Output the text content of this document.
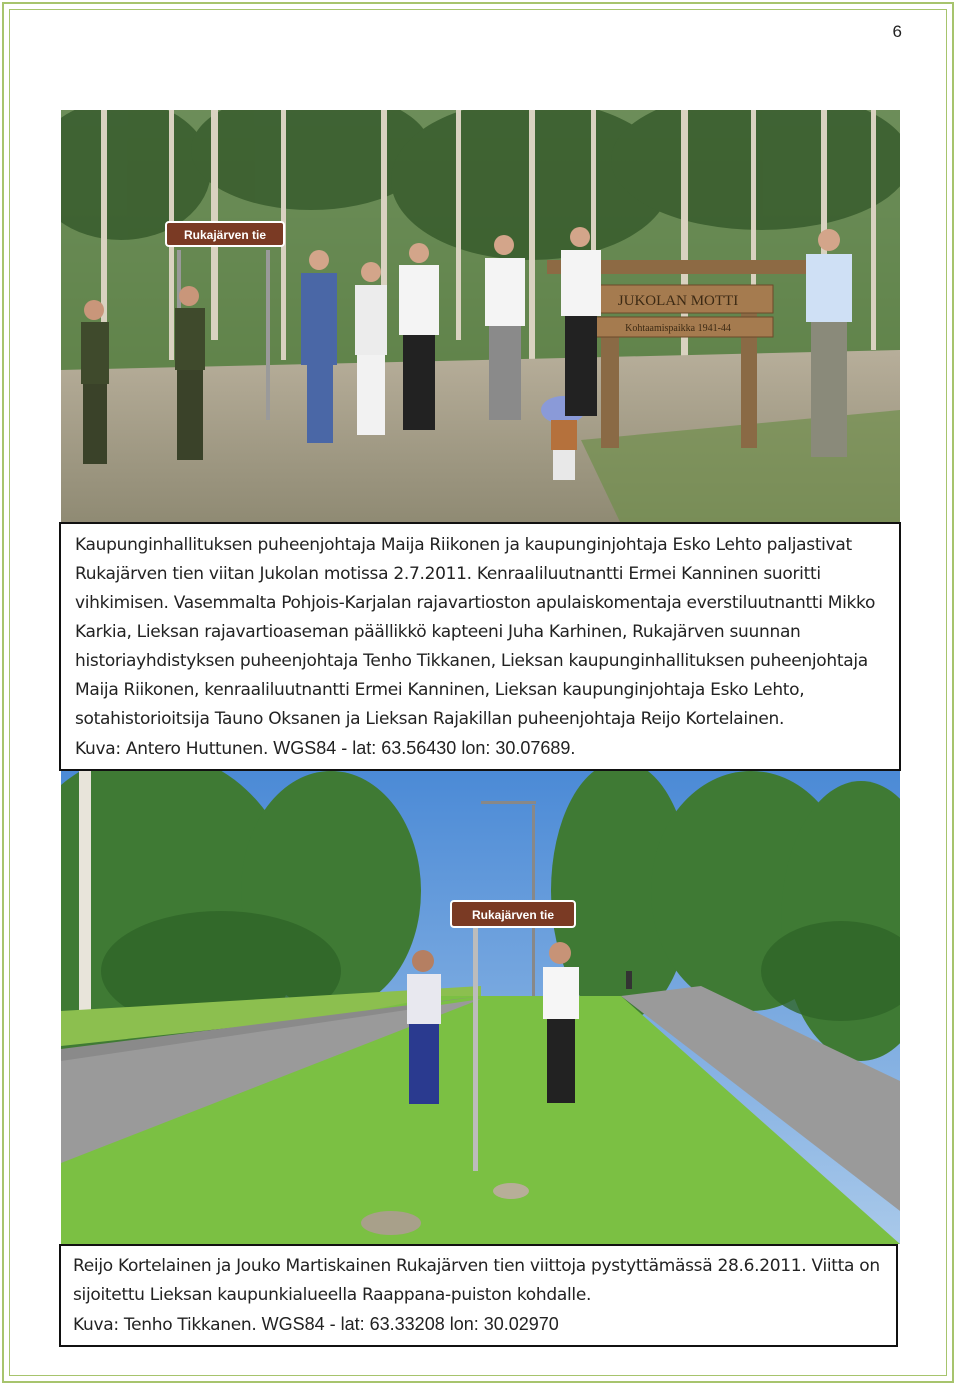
6
Rukajärven tie
JUKOLAN MOTTI
Kohtaamispaikka 1941-44

Kaupunginhallituksen puheenjohtaja Maija Riikonen ja kaupunginjohtaja Esko Lehto paljastivat Rukajärven tien viitan Jukolan motissa 2.7.2011. Kenraaliluutnantti Ermei Kanninen suoritti vihkimisen. Vasemmalta Pohjois-Karjalan rajavartioston apulaiskomentaja everstiluutnantti Mikko Karkia, Lieksan rajavartioaseman päällikkö kapteeni Juha Karhinen, Rukajärven suunnan historiayhdistyksen puheenjohtaja Tenho Tikkanen, Lieksan kaupunginhallituksen puheenjohtaja Maija Riikonen, kenraaliluutnantti Ermei Kanninen, Lieksan kaupunginjohtaja Esko Lehto, sotahistorioitsija Tauno Oksanen ja Lieksan Rajakillan puheenjohtaja Reijo Kortelainen.

Kuva: Antero Huttunen. WGS84 - lat: 63.56430 lon: 30.07689.

Rukajärven tie

Reijo Kortelainen ja Jouko Martiskainen Rukajärven tien viittoja pystyttämässä 28.6.2011. Viitta on sijoitettu Lieksan kaupunkialueella Raappana-puiston kohdalle.

Kuva: Tenho Tikkanen. WGS84 - lat: 63.33208 lon: 30.02970
